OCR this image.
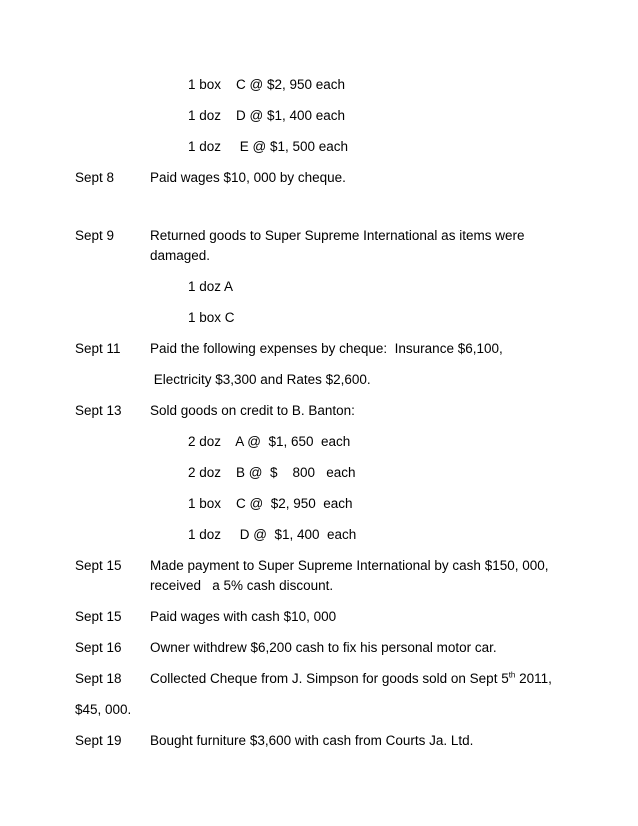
1 box    C @ $2, 950 each
1 doz    D @ $1, 400 each
1 doz     E @ $1, 500 each
Sept 8	Paid wages $10, 000 by cheque.
Sept 9	Returned goods to Super Supreme International as items were
damaged.
1 doz A
1 box C
Sept 11 Paid the following expenses by cheque:  Insurance $6,100,
Electricity $3,300 and Rates $2,600.
Sept 13 Sold goods on credit to B. Banton:
2 doz    A @  $1, 650  each
2 doz    B @  $    800   each
1 box    C @  $2, 950  each
1 doz     D @  $1, 400  each
Sept 15 Made payment to Super Supreme International by cash $150, 000,
received   a 5% cash discount.
Sept 15 Paid wages with cash $10, 000
Sept 16 Owner withdrew $6,200 cash to fix his personal motor car.
Sept 18 Collected Cheque from J. Simpson for goods sold on Sept 5th 2011,
$45, 000.
Sept 19 Bought furniture $3,600 with cash from Courts Ja. Ltd.
